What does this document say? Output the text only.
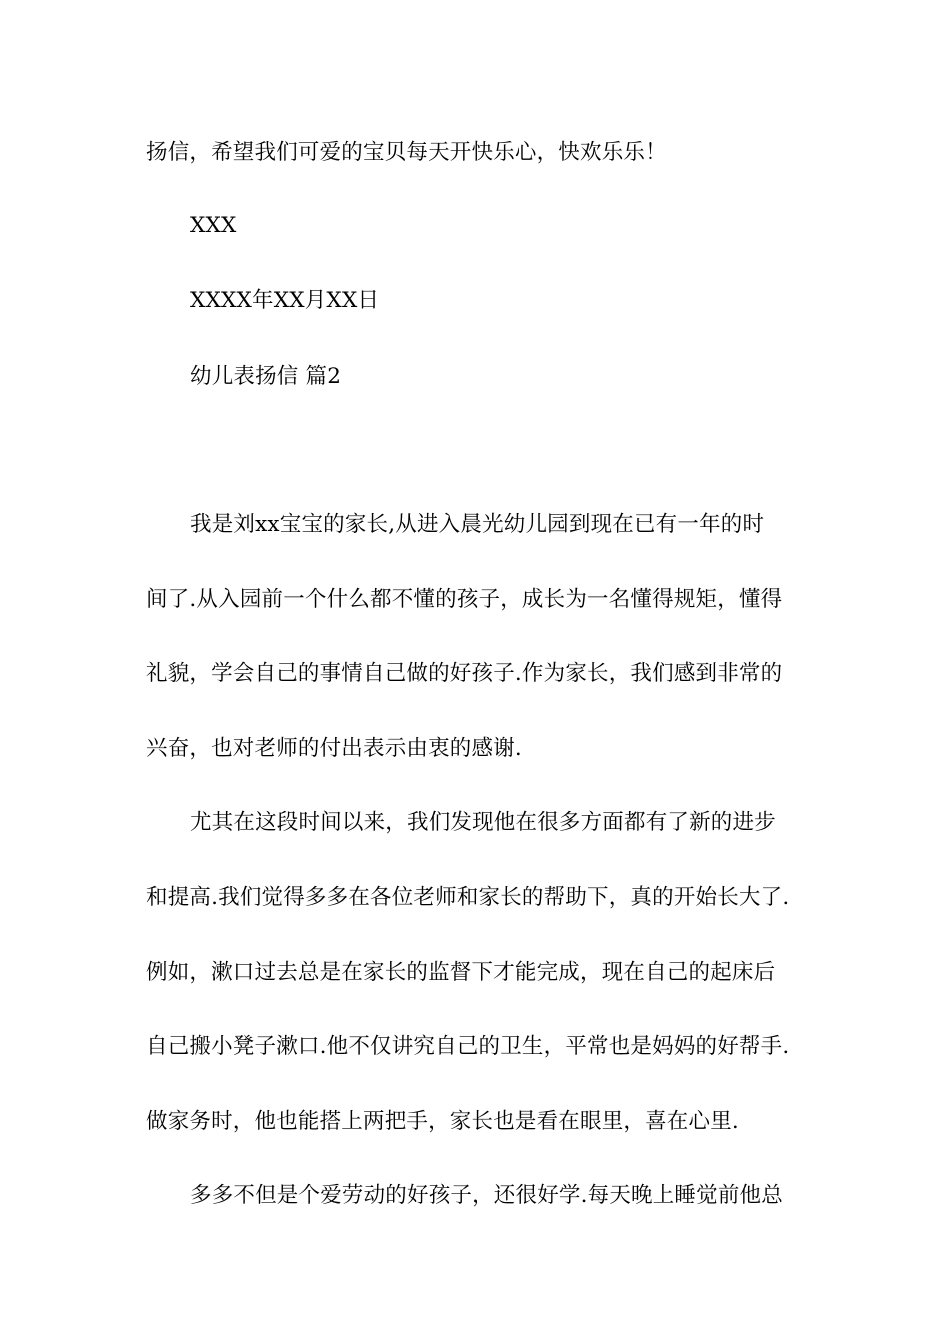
扬信，希望我们可爱的宝贝每天开快乐心，快欢乐乐！
XXX
XXXX年XX月XX日
幼儿表扬信 篇2
我是刘xx宝宝的家长,从进入晨光幼儿园到现在已有一年的时
间了.从入园前一个什么都不懂的孩子，成长为一名懂得规矩，懂得
礼貌，学会自己的事情自己做的好孩子.作为家长，我们感到非常的
兴奋，也对老师的付出表示由衷的感谢.
尤其在这段时间以来，我们发现他在很多方面都有了新的进步
和提高.我们觉得多多在各位老师和家长的帮助下，真的开始长大了.
例如，漱口过去总是在家长的监督下才能完成，现在自己的起床后
自己搬小凳子漱口.他不仅讲究自己的卫生，平常也是妈妈的好帮手.
做家务时，他也能搭上两把手，家长也是看在眼里，喜在心里.
多多不但是个爱劳动的好孩子，还很好学.每天晚上睡觉前他总
